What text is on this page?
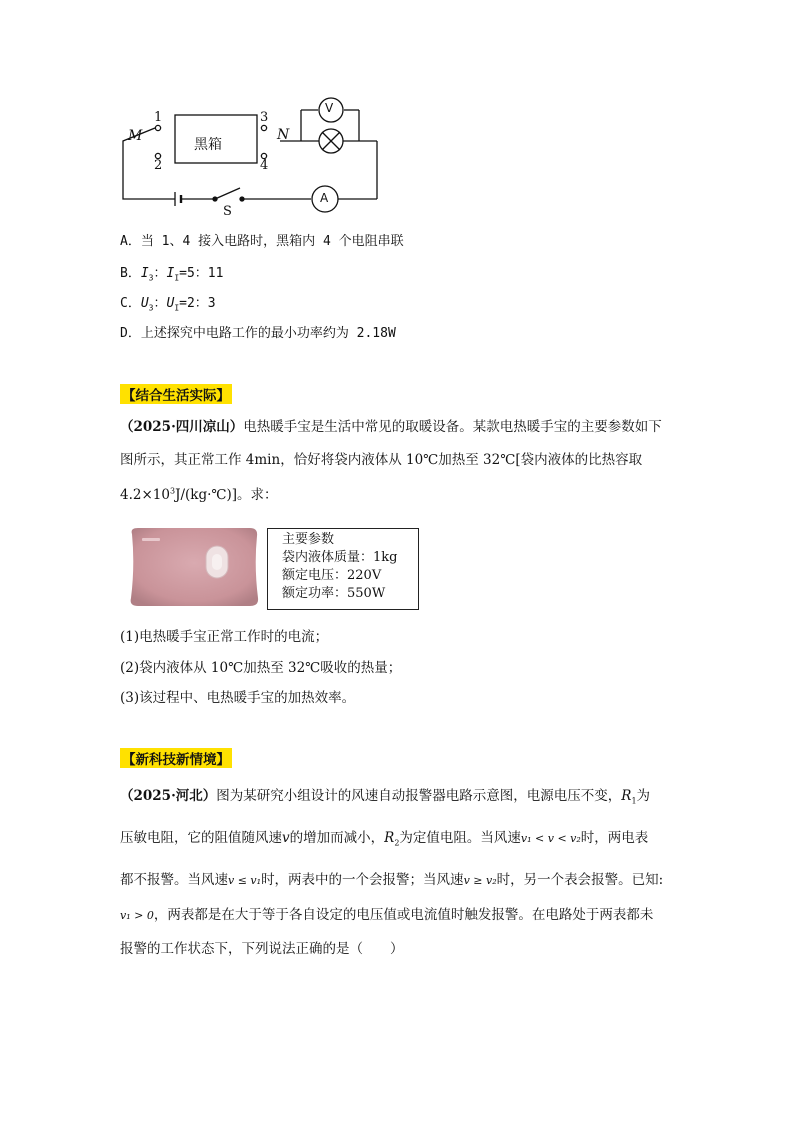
M	N
1
2
3
4
黑箱
V
A
S
A．当 1、4 接入电路时，黑箱内 4 个电阻串联
B．$I_3$：$I_I=5$：11
C．$U_3$：$U_I=2$：3
D．上述探究中电路工作的最小功率约为 2.18W
【结合生活实际】
（2025·四川凉山）电热暖手宝是生活中常见的取暖设备。某款电热暖手宝的主要参数如下
图所示，其正常工作 4min，恰好将袋内液体从 10℃加热至 32℃[袋内液体的比热容取
$4.2\times 10^3J/(kg\cdot℃)$]。求：
主要参数
袋内液体质量：1kg
额定电压：220V
额定功率：550W
(1)电热暖手宝正常工作时的电流；
(2)袋内液体从 10℃加热至 32℃吸收的热量；
(3)该过程中、电热暖手宝的加热效率。
【新科技新情境】
（2025·河北）图为某研究小组设计的风速自动报警器电路示意图，电源电压不变，$R_1$为
压敏电阻，它的阻值随风速v的增加而减小，$R_2$为定值电阻。当风速v₁ < v < v₂时，两电表
都不报警。当风速v ≤ v₁时，两表中的一个会报警；当风速v ≥ v₂时，另一个表会报警。已知:
v₁ > 0，两表都是在大于等于各自设定的电压值或电流值时触发报警。在电路处于两表都未
报警的工作状态下，下列说法正确的是（　　）
